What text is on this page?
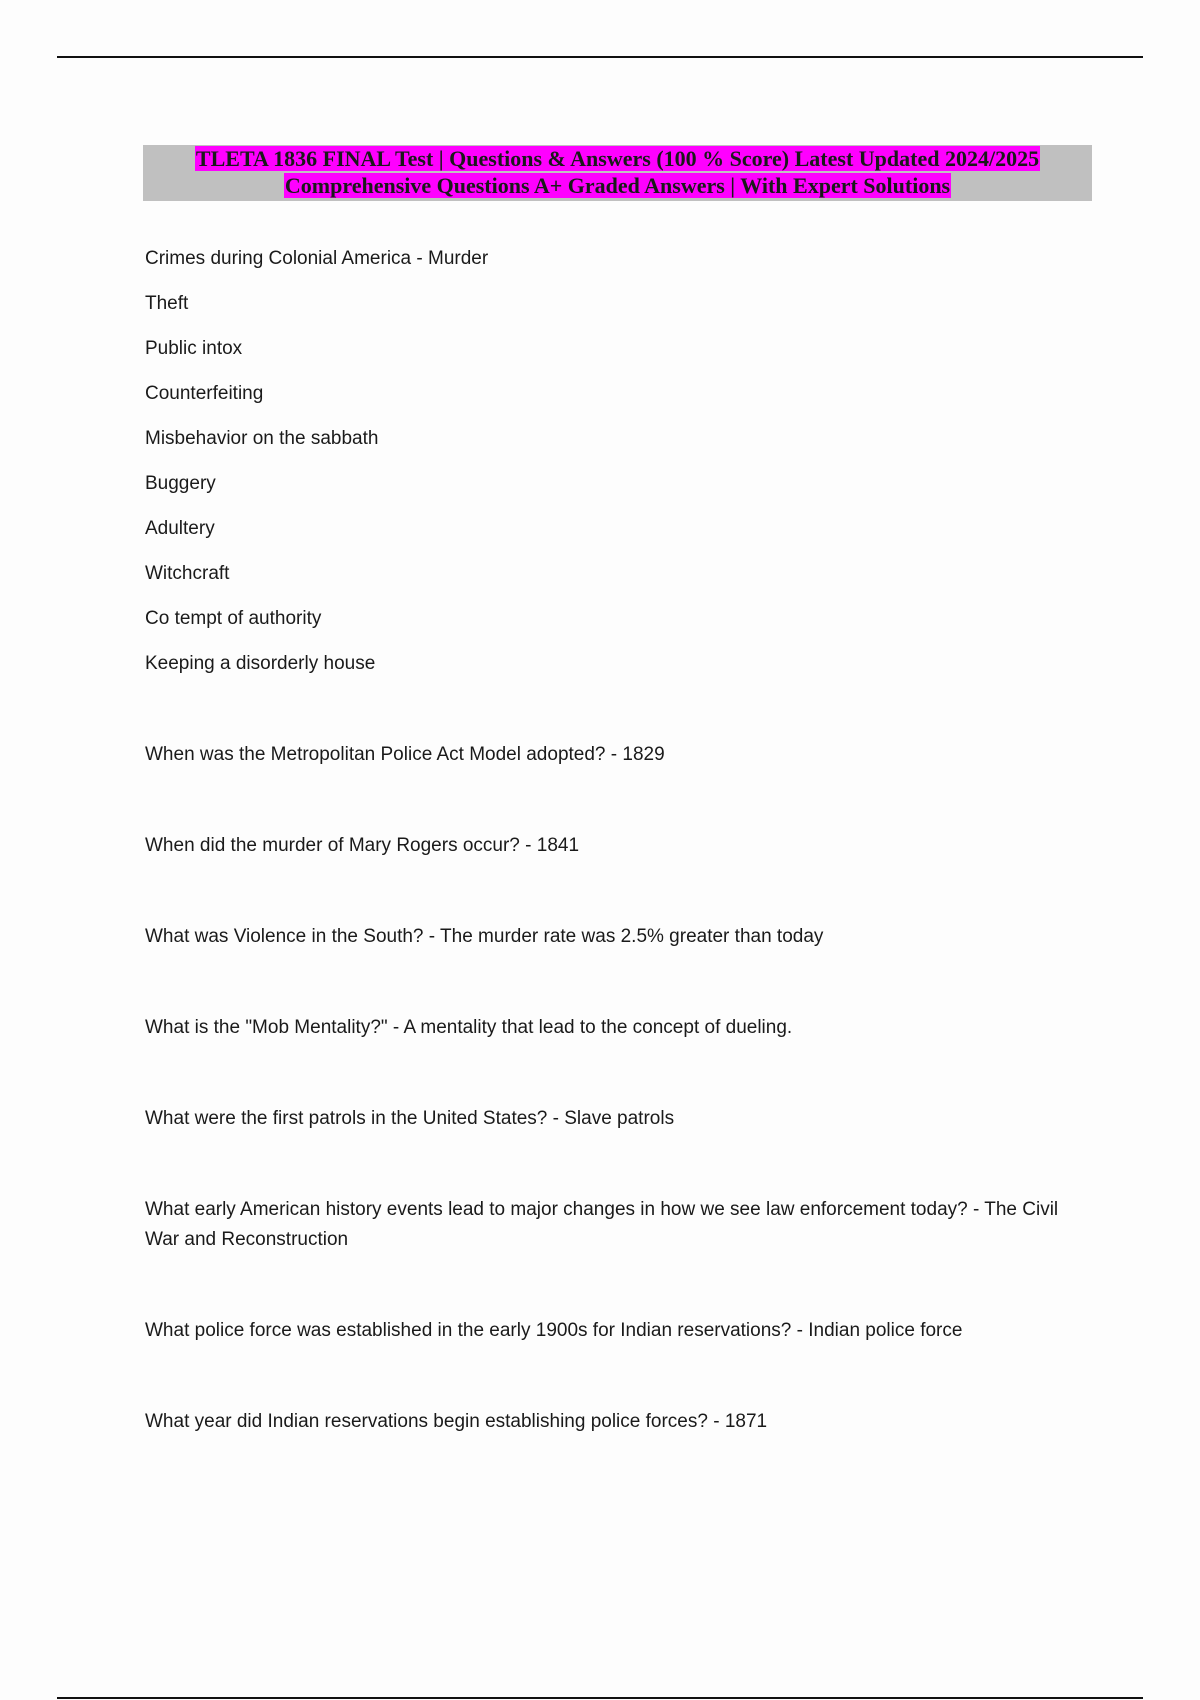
TLETA 1836 FINAL Test | Questions & Answers (100 % Score) Latest Updated 2024/2025
Comprehensive Questions A+ Graded Answers | With Expert Solutions

Crimes during Colonial America - Murder

Theft

Public intox

Counterfeiting

Misbehavior on the sabbath

Buggery

Adultery

Witchcraft

Co tempt of authority

Keeping a disorderly house

When was the Metropolitan Police Act Model adopted? - 1829

When did the murder of Mary Rogers occur? - 1841

What was Violence in the South? - The murder rate was 2.5% greater than today

What is the "Mob Mentality?" - A mentality that lead to the concept of dueling.

What were the first patrols in the United States? - Slave patrols

What early American history events lead to major changes in how we see law enforcement today? - The Civil War and Reconstruction

What police force was established in the early 1900s for Indian reservations? - Indian police force

What year did Indian reservations begin establishing police forces? - 1871
